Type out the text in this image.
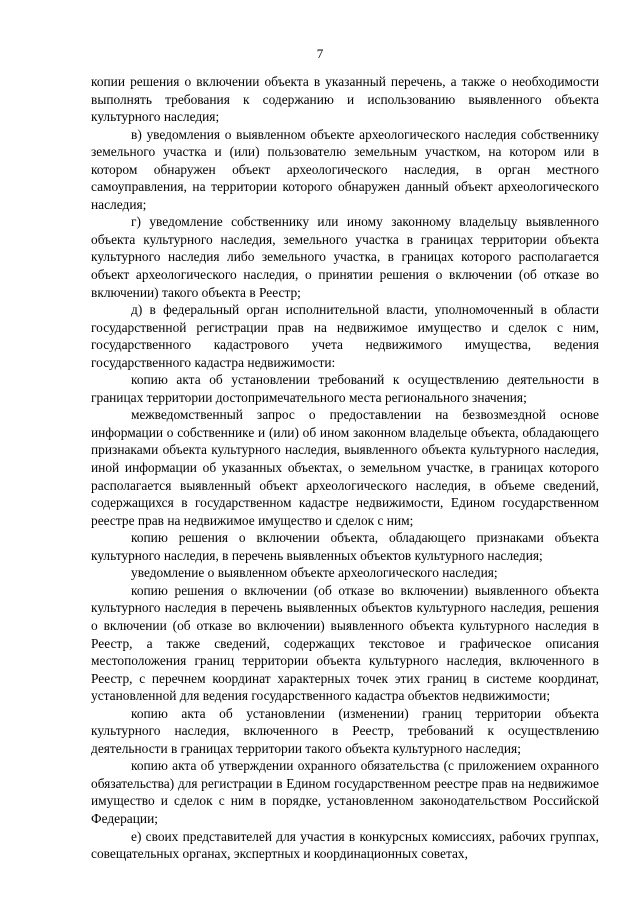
7

копии решения о включении объекта в указанный перечень, а также о необходимости выполнять требования к содержанию и использованию выявленного объекта культурного наследия;

в) уведомления о выявленном объекте археологического наследия собственнику земельного участка и (или) пользователю земельным участком, на котором или в котором обнаружен объект археологического наследия, в орган местного самоуправления, на территории которого обнаружен данный объект археологического наследия;

г) уведомление собственнику или иному законному владельцу выявленного объекта культурного наследия, земельного участка в границах территории объекта культурного наследия либо земельного участка, в границах которого располагается объект археологического наследия, о принятии решения о включении (об отказе во включении) такого объекта в Реестр;

д) в федеральный орган исполнительной власти, уполномоченный в области государственной регистрации прав на недвижимое имущество и сделок с ним, государственного кадастрового учета недвижимого имущества, ведения государственного кадастра недвижимости:

копию акта об установлении требований к осуществлению деятельности в границах территории достопримечательного места регионального значения;

межведомственный запрос о предоставлении на безвозмездной основе информации о собственнике и (или) об ином законном владельце объекта, обладающего признаками объекта культурного наследия, выявленного объекта культурного наследия, иной информации об указанных объектах, о земельном участке, в границах которого располагается выявленный объект археологического наследия, в объеме сведений, содержащихся в государственном кадастре недвижимости, Едином государственном реестре прав на недвижимое имущество и сделок с ним;

копию решения о включении объекта, обладающего признаками объекта культурного наследия, в перечень выявленных объектов культурного наследия;

уведомление о выявленном объекте археологического наследия;

копию решения о включении (об отказе во включении) выявленного объекта культурного наследия в перечень выявленных объектов культурного наследия, решения о включении (об отказе во включении) выявленного объекта культурного наследия в Реестр, а также сведений, содержащих текстовое и графическое описания местоположения границ территории объекта культурного наследия, включенного в Реестр, с перечнем координат характерных точек этих границ в системе координат, установленной для ведения государственного кадастра объектов недвижимости;

копию акта об установлении (изменении) границ территории объекта культурного наследия, включенного в Реестр, требований к осуществлению деятельности в границах территории такого объекта культурного наследия;

копию акта об утверждении охранного обязательства (с приложением охранного обязательства) для регистрации в Едином государственном реестре прав на недвижимое имущество и сделок с ним в порядке, установленном законодательством Российской Федерации;

е) своих представителей для участия в конкурсных комиссиях, рабочих группах, совещательных органах, экспертных и координационных советах,
